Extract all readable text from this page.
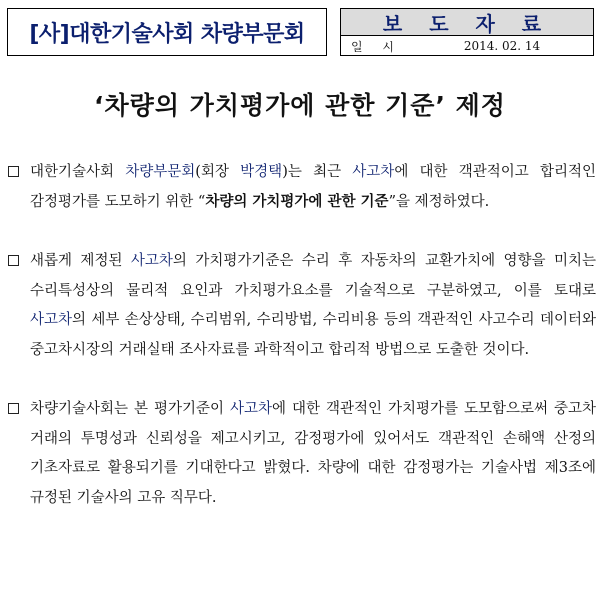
[사]대한기술사회 차량부문회	보 도 자 료
일 시	2014. 02. 14
‘차량의 가치평가에 관한 기준’ 제정
대한기술사회 차량부문회(회장 박경택)는 최근 사고차에 대한 객관적이고 합리적인 감정평가를 도모하기 위한 “차량의 가치평가에 관한 기준”을 제정하였다.
새롭게 제정된 사고차의 가치평가기준은 수리 후 자동차의 교환가치에 영향을 미치는 수리특성상의 물리적 요인과 가치평가요소를 기술적으로 구분하였고, 이를 토대로 사고차의 세부 손상상태, 수리범위, 수리방법, 수리비용 등의 객관적인 사고수리 데이터와 중고차시장의 거래실태 조사자료를 과학적이고 합리적 방법으로 도출한 것이다.
차량기술사회는 본 평가기준이 사고차에 대한 객관적인 가치평가를 도모함으로써 중고차 거래의 투명성과 신뢰성을 제고시키고, 감정평가에 있어서도 객관적인 손해액 산정의 기초자료로 활용되기를 기대한다고 밝혔다. 차량에 대한 감정평가는 기술사법 제3조에 규정된 기술사의 고유 직무다.
